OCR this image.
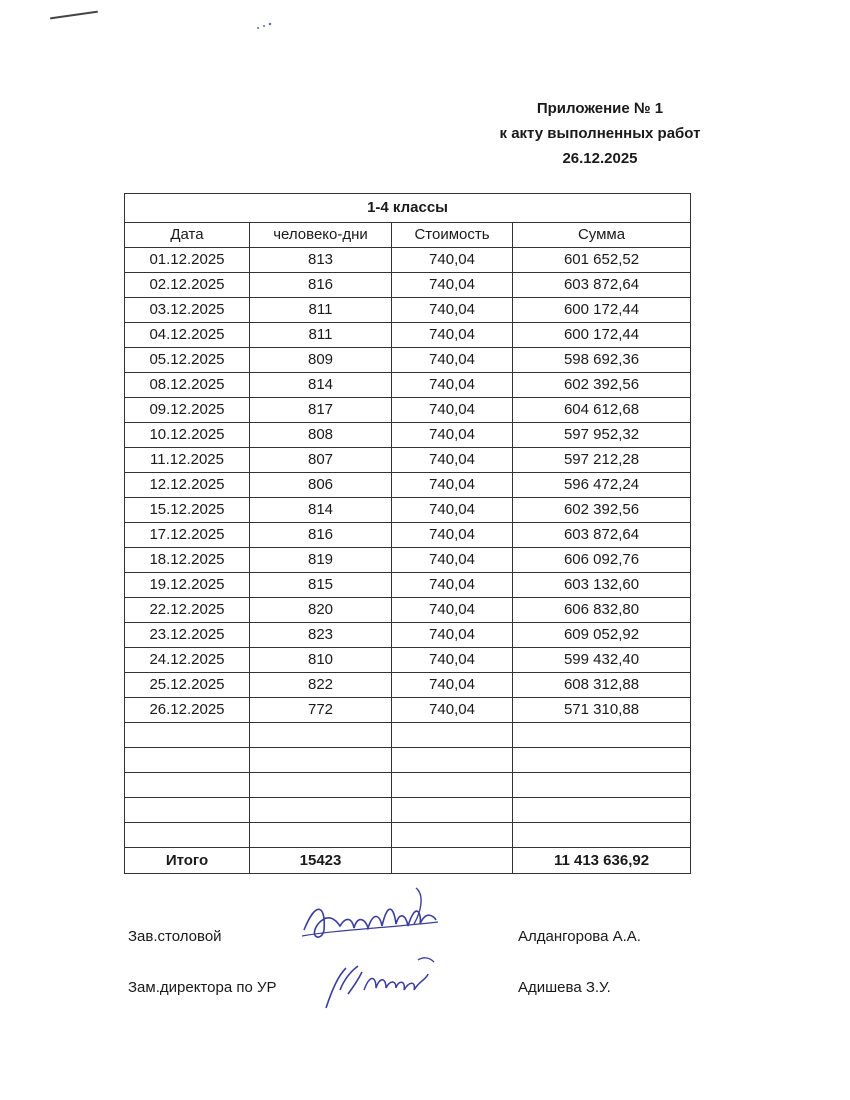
Приложение № 1
к акту выполненных работ
26.12.2025
1-4 классы			
Дата	человеко-дни	Стоимость	Сумма
01.12.2025	813	740,04	601 652,52
02.12.2025	816	740,04	603 872,64
03.12.2025	811	740,04	600 172,44
04.12.2025	811	740,04	600 172,44
05.12.2025	809	740,04	598 692,36
08.12.2025	814	740,04	602 392,56
09.12.2025	817	740,04	604 612,68
10.12.2025	808	740,04	597 952,32
11.12.2025	807	740,04	597 212,28
12.12.2025	806	740,04	596 472,24
15.12.2025	814	740,04	602 392,56
17.12.2025	816	740,04	603 872,64
18.12.2025	819	740,04	606 092,76
19.12.2025	815	740,04	603 132,60
22.12.2025	820	740,04	606 832,80
23.12.2025	823	740,04	609 052,92
24.12.2025	810	740,04	599 432,40
25.12.2025	822	740,04	608 312,88
26.12.2025	772	740,04	571 310,88

Итого	15423		11 413 636,92
Зав.столовой	Алдангорова А.А.
Зам.директора по УР	Адишева З.У.
